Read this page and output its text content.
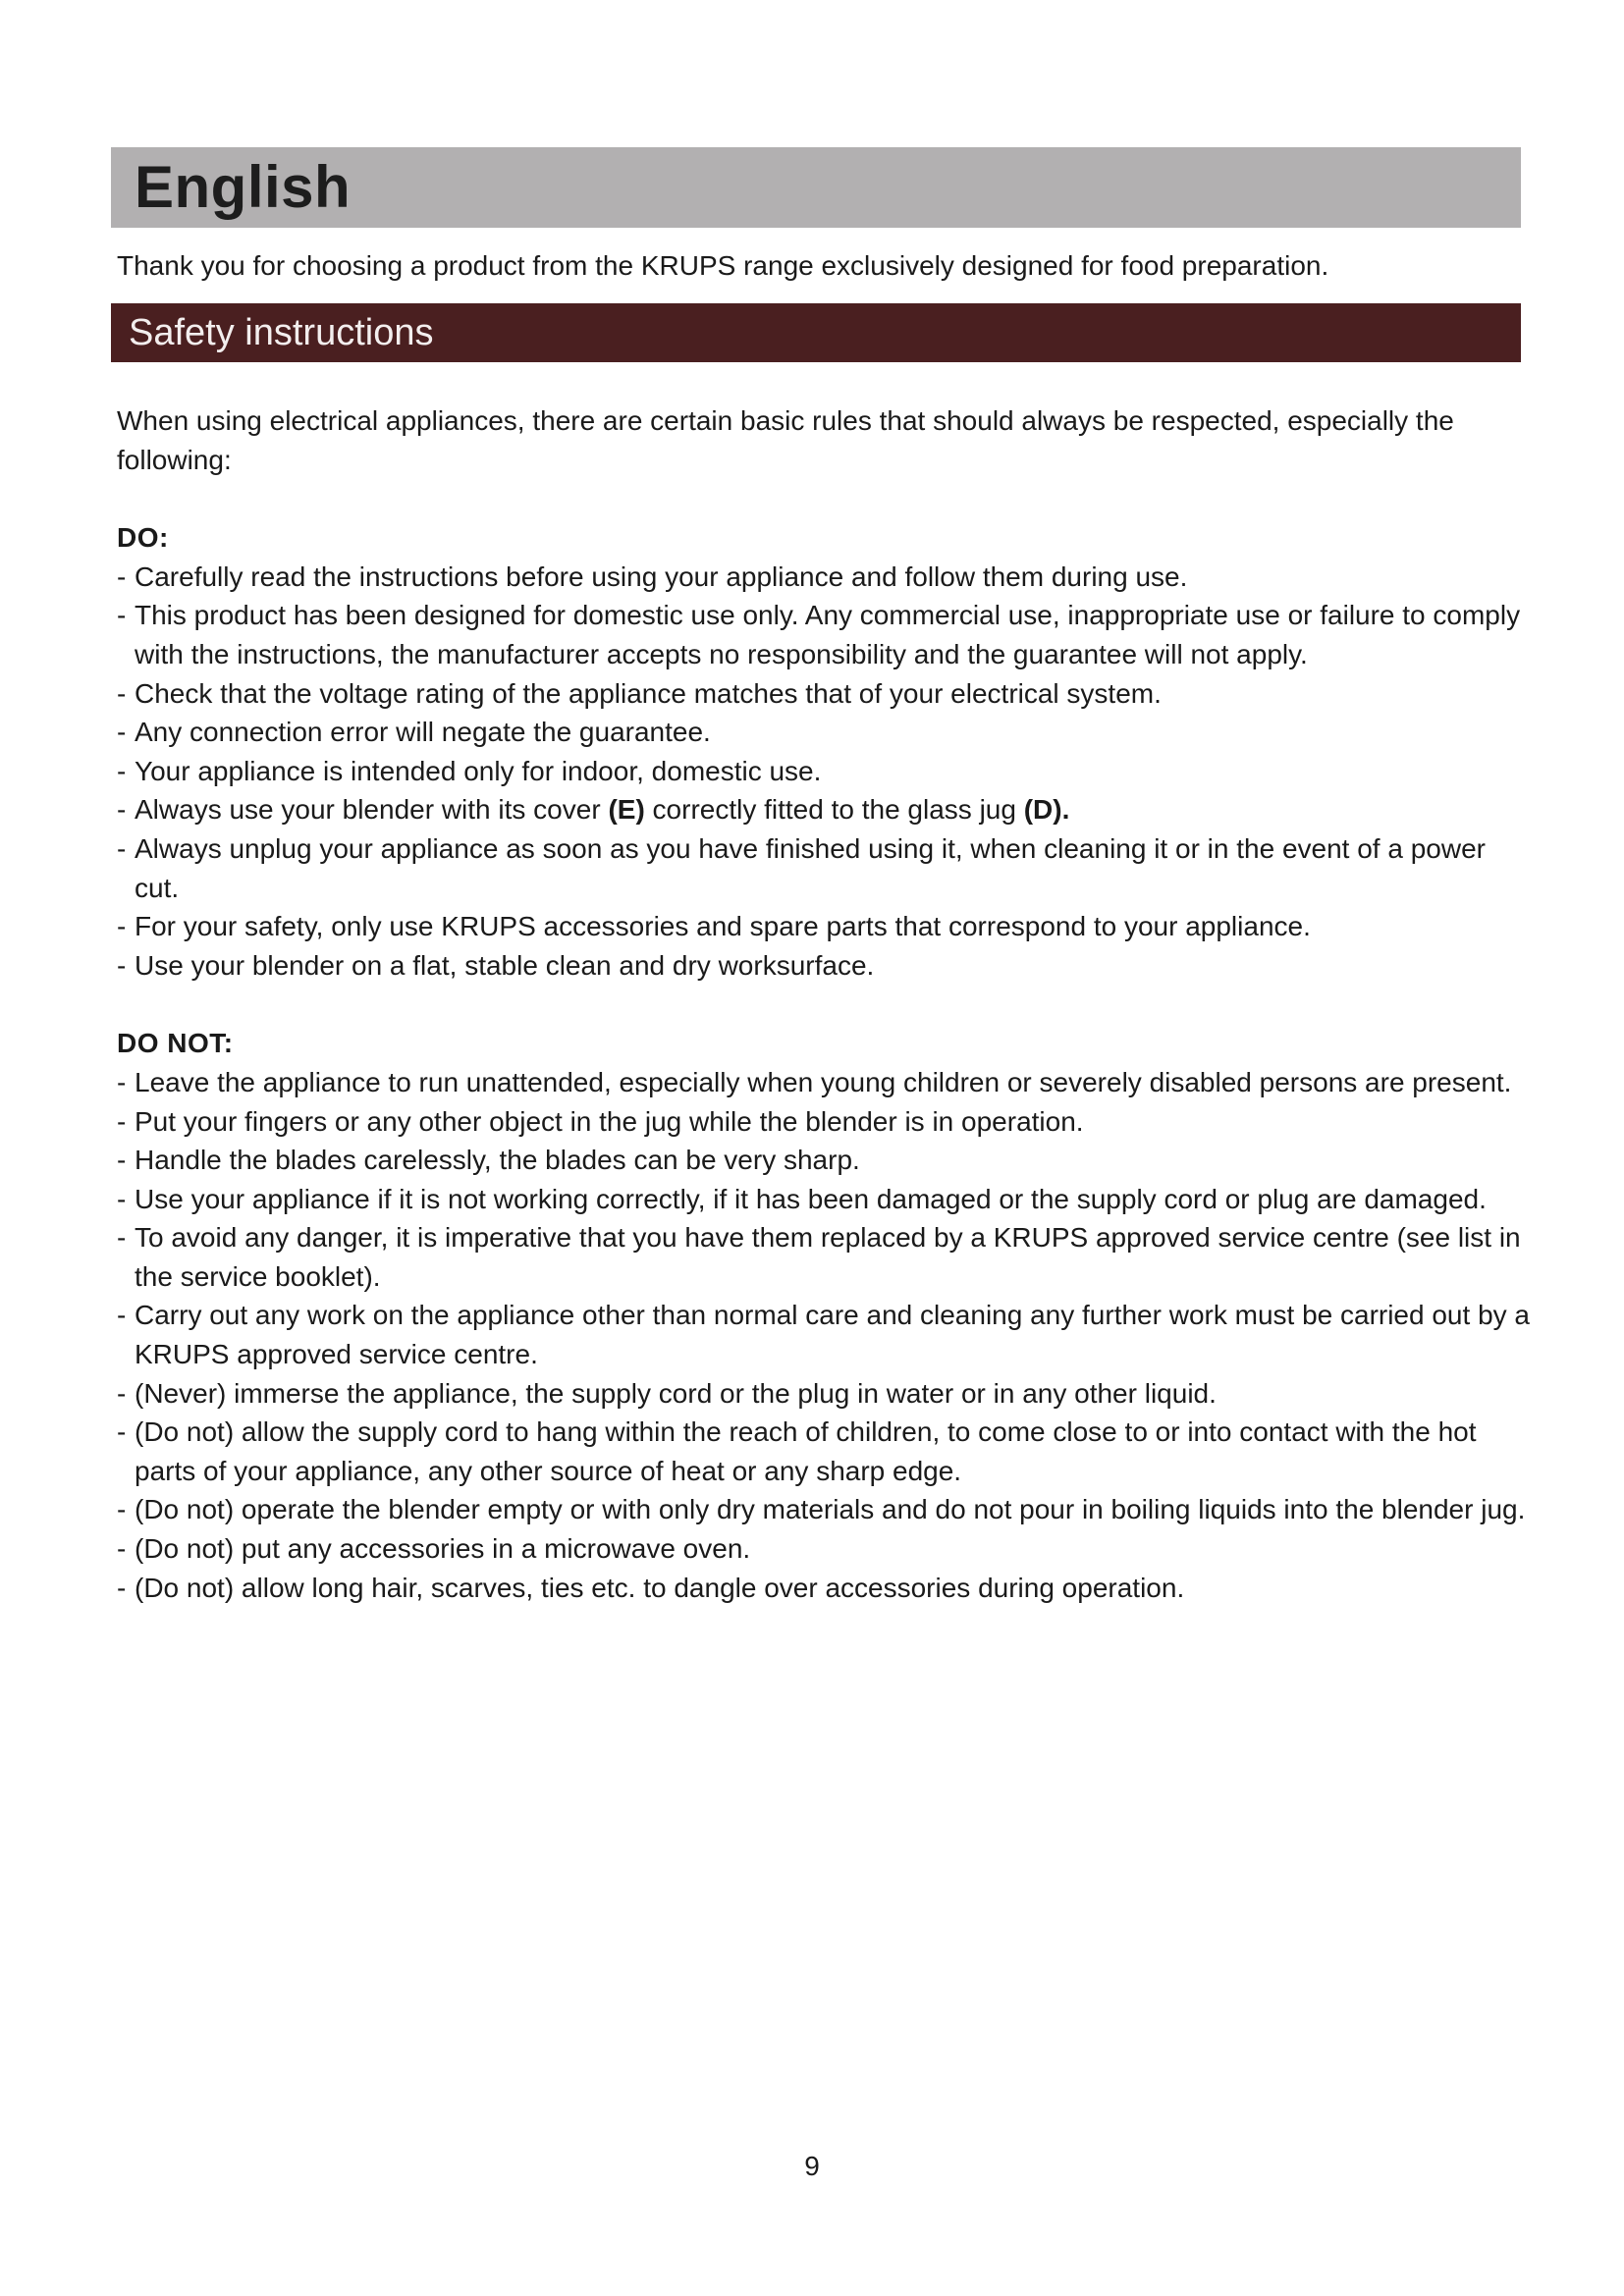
English
Thank you for choosing a product from the KRUPS range exclusively designed for food preparation.
Safety instructions

When using electrical appliances, there are certain basic rules that should always be respected, especially the following:

DO:
- Carefully read the instructions before using your appliance and follow them during use.
- This product has been designed for domestic use only. Any commercial use, inappropriate use or failure to comply with the instructions, the manufacturer accepts no responsibility and the guarantee will not apply.
- Check that the voltage rating of the appliance matches that of your electrical system.
- Any connection error will negate the guarantee.
- Your appliance is intended only for indoor, domestic use.
- Always use your blender with its cover (E) correctly fitted to the glass jug (D).
- Always unplug your appliance as soon as you have finished using it, when cleaning it or in the event of a power cut.
- For your safety, only use KRUPS accessories and spare parts that correspond to your appliance.
- Use your blender on a flat, stable clean and dry worksurface.
DO NOT:
- Leave the appliance to run unattended, especially when young children or severely disabled persons are present.
- Put your fingers or any other object in the jug while the blender is in operation.
- Handle the blades carelessly, the blades can be very sharp.
- Use your appliance if it is not working correctly, if it has been damaged or the supply cord or plug are damaged.
- To avoid any danger, it is imperative that you have them replaced by a KRUPS approved service centre (see list in the service booklet).
- Carry out any work on the appliance other than normal care and cleaning any further work must be carried out by a KRUPS approved service centre.
- (Never) immerse the appliance, the supply cord or the plug in water or in any other liquid.
- (Do not) allow the supply cord to hang within the reach of children, to come close to or into contact with the hot parts of your appliance, any other source of heat or any sharp edge.
- (Do not) operate the blender empty or with only dry materials and do not pour in boiling liquids into the blender jug.
- (Do not) put any accessories in a microwave oven.
- (Do not) allow long hair, scarves, ties etc. to dangle over accessories during operation.
9
